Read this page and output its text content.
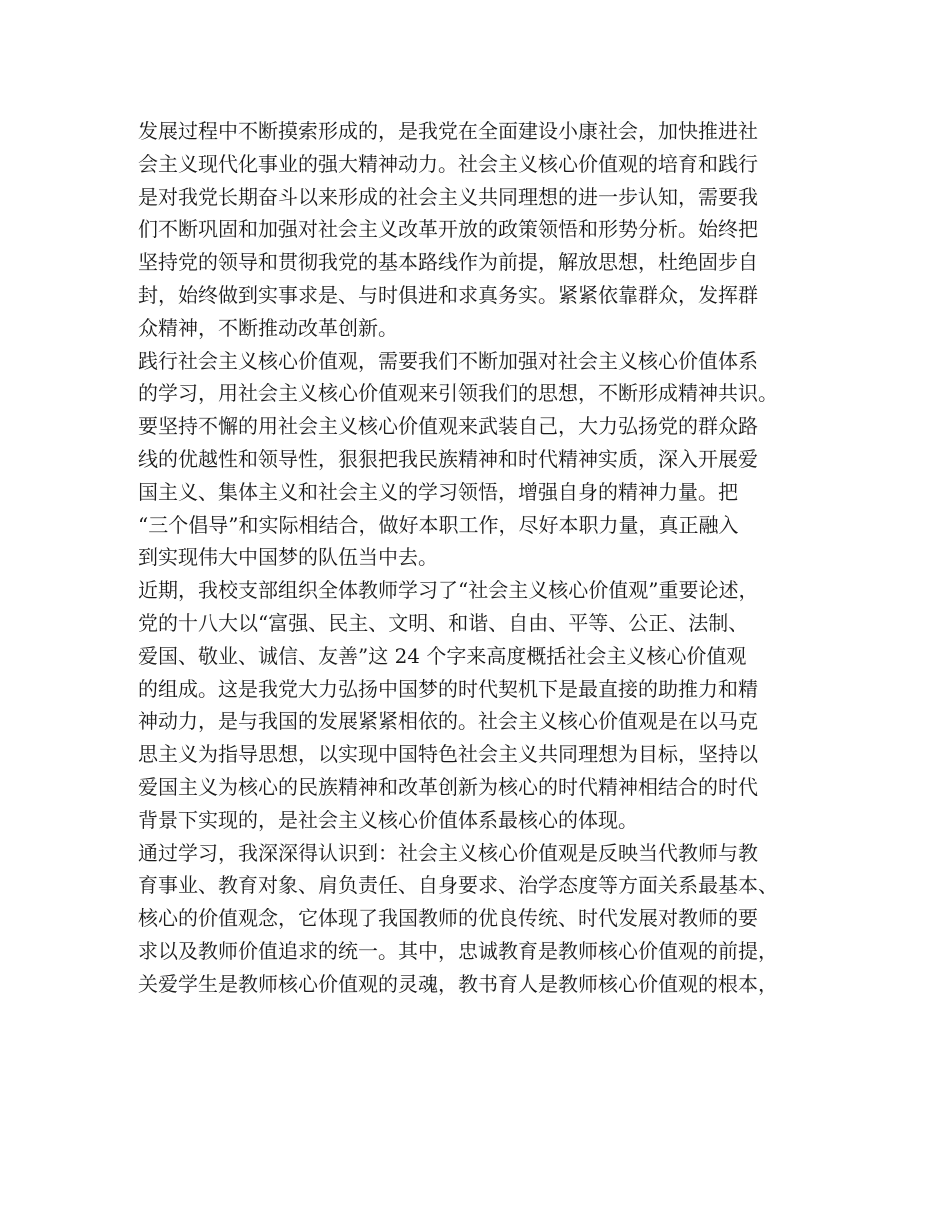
发展过程中不断摸索形成的，是我党在全面建设小康社会，加快推进社
会主义现代化事业的强大精神动力。社会主义核心价值观的培育和践行
是对我党长期奋斗以来形成的社会主义共同理想的进一步认知，需要我
们不断巩固和加强对社会主义改革开放的政策领悟和形势分析。始终把
坚持党的领导和贯彻我党的基本路线作为前提，解放思想，杜绝固步自
封，始终做到实事求是、与时俱进和求真务实。紧紧依靠群众，发挥群
众精神，不断推动改革创新。
践行社会主义核心价值观，需要我们不断加强对社会主义核心价值体系
的学习，用社会主义核心价值观来引领我们的思想，不断形成精神共识。
要坚持不懈的用社会主义核心价值观来武装自己，大力弘扬党的群众路
线的优越性和领导性，狠狠把我民族精神和时代精神实质，深入开展爱
国主义、集体主义和社会主义的学习领悟，增强自身的精神力量。把
“三个倡导”和实际相结合，做好本职工作，尽好本职力量，真正融入
到实现伟大中国梦的队伍当中去。
近期，我校支部组织全体教师学习了“社会主义核心价值观”重要论述，
党的十八大以“富强、民主、文明、和谐、自由、平等、公正、法制、
爱国、敬业、诚信、友善”这 24 个字来高度概括社会主义核心价值观
的组成。这是我党大力弘扬中国梦的时代契机下是最直接的助推力和精
神动力，是与我国的发展紧紧相依的。社会主义核心价值观是在以马克
思主义为指导思想，以实现中国特色社会主义共同理想为目标，坚持以
爱国主义为核心的民族精神和改革创新为核心的时代精神相结合的时代
背景下实现的，是社会主义核心价值体系最核心的体现。
通过学习，我深深得认识到：社会主义核心价值观是反映当代教师与教
育事业、教育对象、肩负责任、自身要求、治学态度等方面关系最基本、
核心的价值观念，它体现了我国教师的优良传统、时代发展对教师的要
求以及教师价值追求的统一。其中，忠诚教育是教师核心价值观的前提，
关爱学生是教师核心价值观的灵魂，教书育人是教师核心价值观的根本，
